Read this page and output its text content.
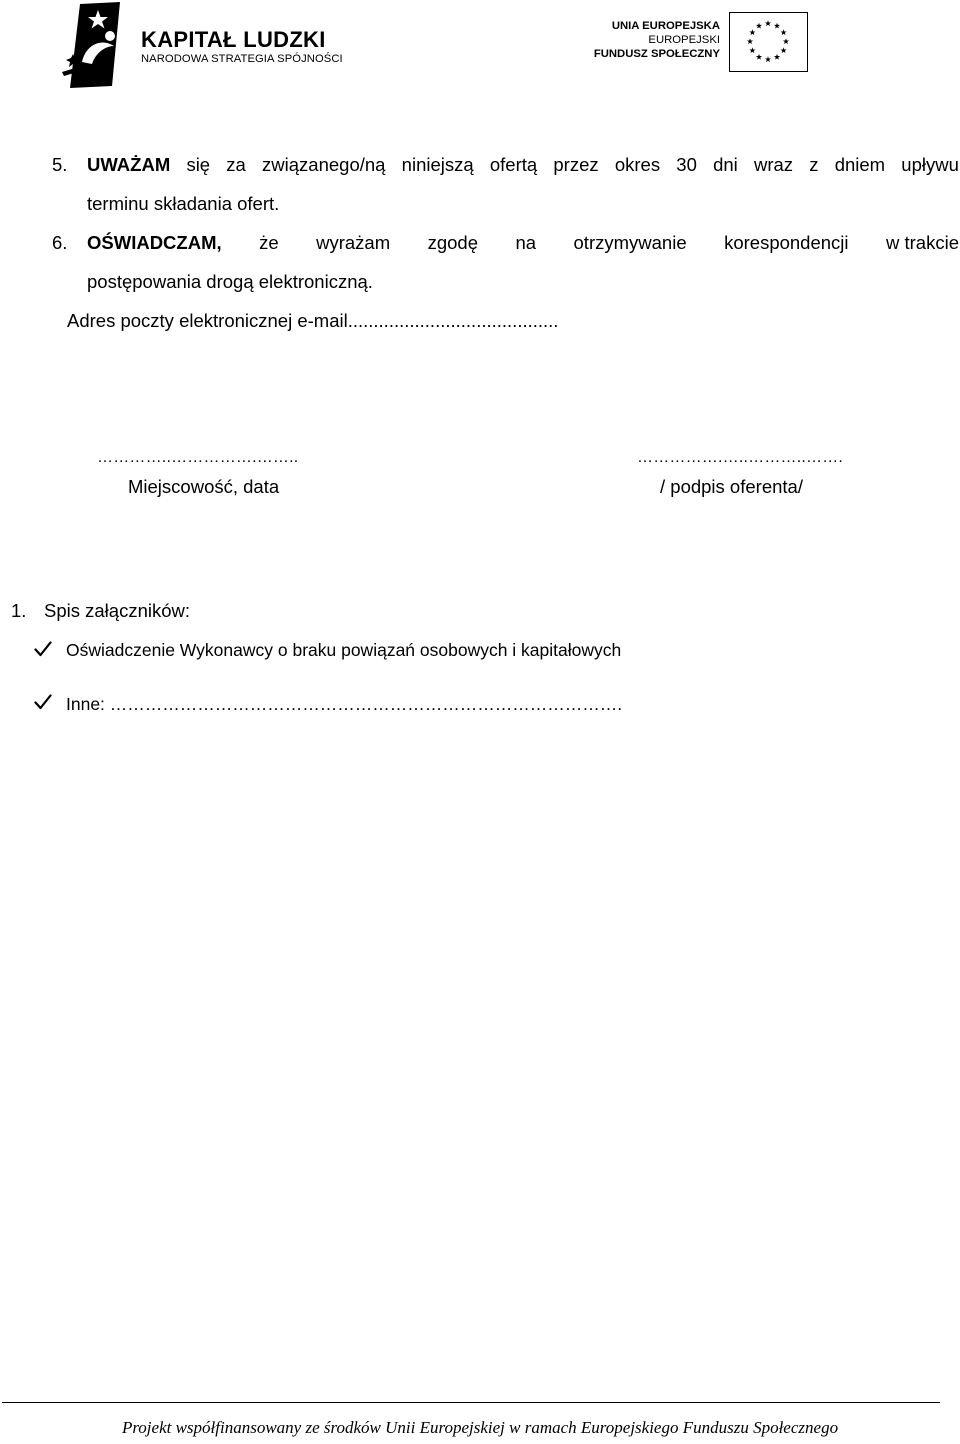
KAPITAŁ LUDZKI
NARODOWA STRATEGIA SPÓJNOŚCI
UNIA EUROPEJSKA
EUROPEJSKI
FUNDUSZ SPOŁECZNY
5. UWAŻAM się za związanego/ną niniejszą ofertą przez okres 30 dni wraz z dniem upływu
terminu składania ofert.
6. OŚWIADCZAM, że wyrażam zgodę na otrzymywanie korespondencji w trakcie
postępowania drogą elektroniczną.
Adres poczty elektronicznej e-mail.........................................
…………..…………….……..
Miejscowość, data
…………….…..………..…….
/ podpis oferenta/
1. Spis załączników:
Oświadczenie Wykonawcy o braku powiązań osobowych i kapitałowych
Inne: …………………………………………………………………………….
Projekt współfinansowany ze środków Unii Europejskiej w ramach Europejskiego Funduszu Społecznego
